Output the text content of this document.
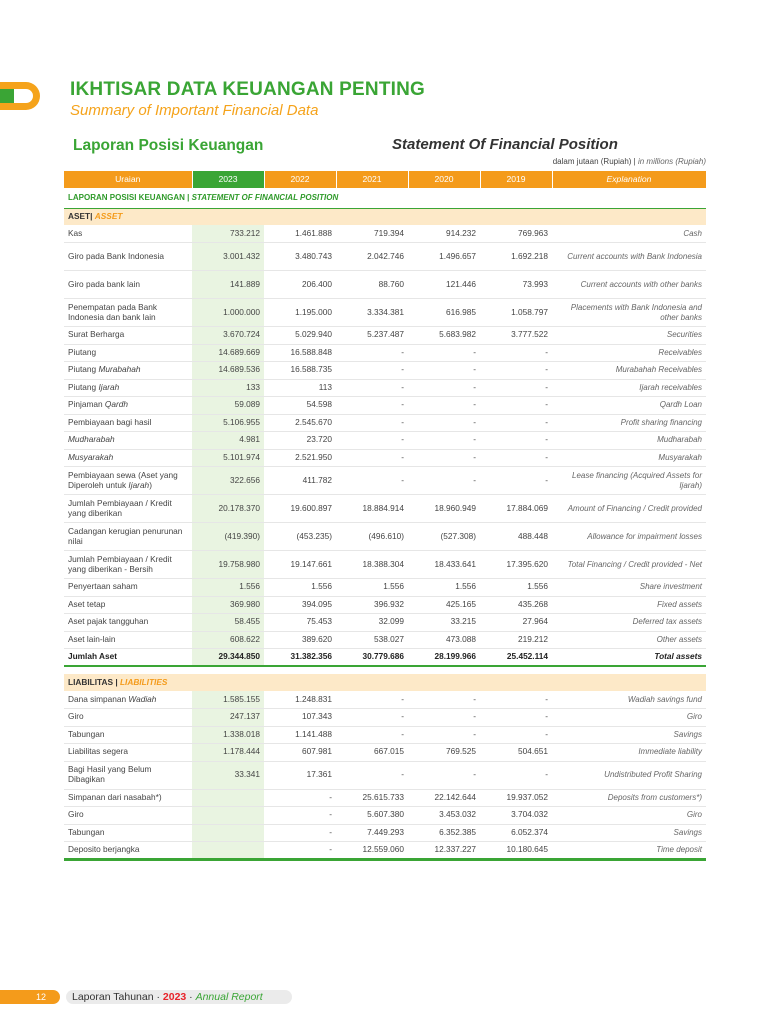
IKHTISAR DATA KEUANGAN PENTING
Summary of Important Financial Data
Laporan Posisi Keuangan	Statement Of Financial Position
dalam jutaan (Rupiah) | in millions (Rupiah)
Uraian	2023	2022	2021	2020	2019	Explanation
LAPORAN POSISI KEUANGAN | STATEMENT OF FINANCIAL POSITION						
ASET| ASSET						
Kas	733.212	1.461.888	719.394	914.232	769.963	Cash
Giro pada Bank Indonesia	3.001.432	3.480.743	2.042.746	1.496.657	1.692.218	Current accounts with Bank Indonesia
Giro pada bank lain	141.889	206.400	88.760	121.446	73.993	Current accounts with other banks
Penempatan pada Bank Indonesia dan bank lain	1.000.000	1.195.000	3.334.381	616.985	1.058.797	Placements with Bank Indonesia and other banks
Surat Berharga	3.670.724	5.029.940	5.237.487	5.683.982	3.777.522	Securities
Piutang	14.689.669	16.588.848	-	-	-	Receivables
Piutang Murabahah	14.689.536	16.588.735	-	-	-	Murabahah Receivables
Piutang Ijarah	133	113	-	-	-	Ijarah receivables
Pinjaman Qardh	59.089	54.598	-	-	-	Qardh Loan
Pembiayaan bagi hasil	5.106.955	2.545.670	-	-	-	Profit sharing financing
Mudharabah	4.981	23.720	-	-	-	Mudharabah
Musyarakah	5.101.974	2.521.950	-	-	-	Musyarakah
Pembiayaan sewa (Aset yang Diperoleh untuk Ijarah)	322.656	411.782	-	-	-	Lease financing (Acquired Assets for Ijarah)
Jumlah Pembiayaan / Kredit yang diberikan	20.178.370	19.600.897	18.884.914	18.960.949	17.884.069	Amount of Financing / Credit provided
Cadangan kerugian penurunan nilai	(419.390)	(453.235)	(496.610)	(527.308)	488.448	Allowance for impairment losses
Jumlah Pembiayaan / Kredit yang diberikan - Bersih	19.758.980	19.147.661	18.388.304	18.433.641	17.395.620	Total Financing / Credit provided - Net
Penyertaan saham	1.556	1.556	1.556	1.556	1.556	Share investment
Aset tetap	369.980	394.095	396.932	425.165	435.268	Fixed assets
Aset pajak tangguhan	58.455	75.453	32.099	33.215	27.964	Deferred tax assets
Aset lain-lain	608.622	389.620	538.027	473.088	219.212	Other assets
Jumlah Aset	29.344.850	31.382.356	30.779.686	28.199.966	25.452.114	Total assets

LIABILITAS | LIABILITIES						
Dana simpanan Wadiah	1.585.155	1.248.831	-	-	-	Wadiah savings fund
Giro	247.137	107.343	-	-	-	Giro
Tabungan	1.338.018	1.141.488	-	-	-	Savings
Liabilitas segera	1.178.444	607.981	667.015	769.525	504.651	Immediate liability
Bagi Hasil yang Belum Dibagikan	33.341	17.361	-	-	-	Undistributed Profit Sharing
Simpanan dari nasabah*)		-	25.615.733	22.142.644	19.937.052	Deposits from customers*)
Giro		-	5.607.380	3.453.032	3.704.032	Giro
Tabungan		-	7.449.293	6.352.385	6.052.374	Savings
Deposito berjangka		-	12.559.060	12.337.227	10.180.645	Time deposit
12	Laporan Tahunan · 2023 · Annual Report
